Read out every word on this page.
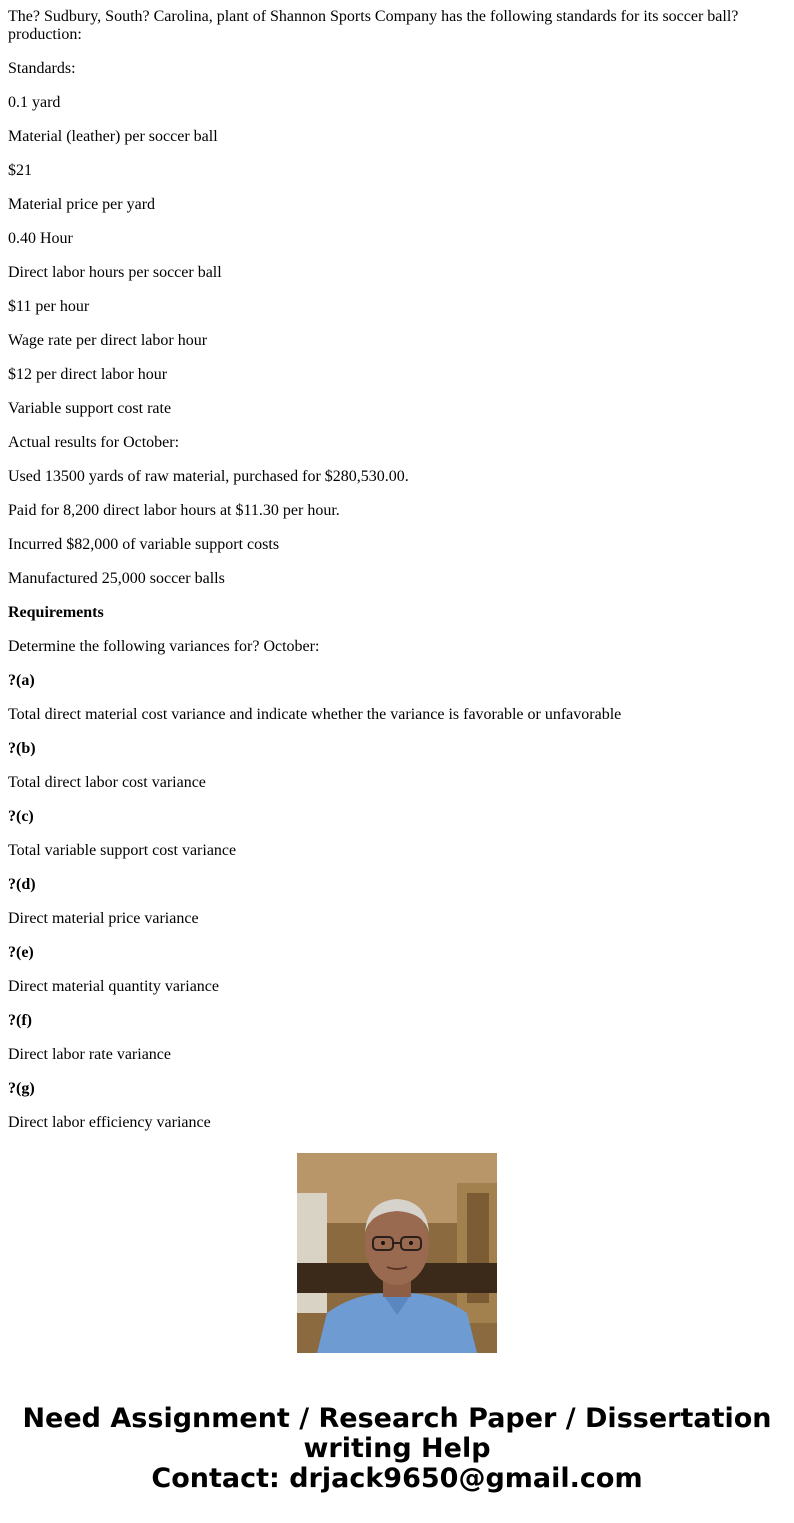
The? Sudbury, South? Carolina, plant of Shannon Sports Company has the following standards for its soccer ball? production:

Standards:

0.1 yard

Material (leather) per soccer ball

$21

Material price per yard

0.40 Hour

Direct labor hours per soccer ball

$11 per hour

Wage rate per direct labor hour

$12 per direct labor hour

Variable support cost rate

Actual results for October:

Used 13500 yards of raw material, purchased for $280,530.00.

Paid for 8,200 direct labor hours at $11.30 per hour.

Incurred $82,000 of variable support costs

Manufactured 25,000 soccer balls

Requirements

Determine the following variances for? October:

?(a)

Total direct material cost variance and indicate whether the variance is favorable or unfavorable

?(b)

Total direct labor cost variance

?(c)

Total variable support cost variance

?(d)

Direct material price variance

?(e)

Direct material quantity variance

?(f)

Direct labor rate variance

?(g)

Direct labor efficiency variance

Need Assignment / Research Paper / Dissertation
writing Help
Contact: drjack9650@gmail.com
